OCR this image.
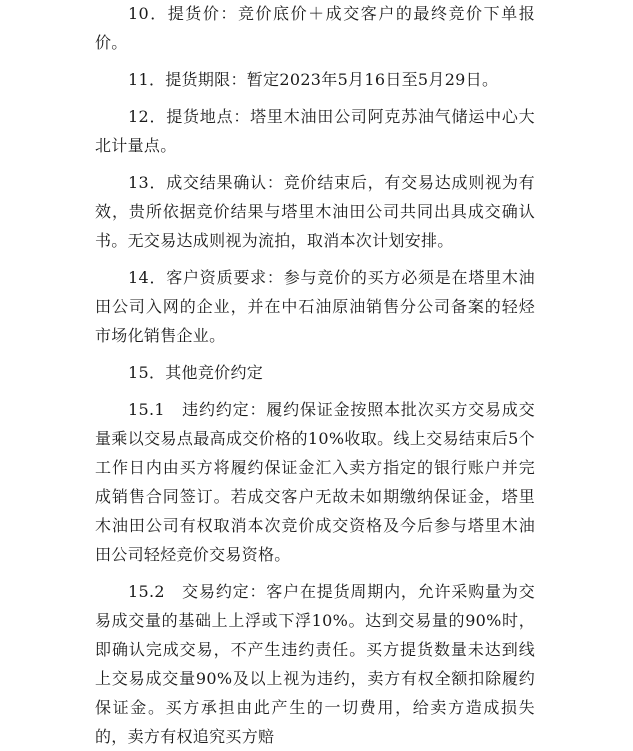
10．提货价：竞价底价＋成交客户的最终竞价下单报价。

11．提货期限：暂定2023年5月16日至5月29日。

12．提货地点：塔里木油田公司阿克苏油气储运中心大北计量点。

13．成交结果确认：竞价结束后，有交易达成则视为有效，贵所依据竞价结果与塔里木油田公司共同出具成交确认书。无交易达成则视为流拍，取消本次计划安排。

14．客户资质要求：参与竞价的买方必须是在塔里木油田公司入网的企业，并在中石油原油销售分公司备案的轻烃市场化销售企业。

15．其他竞价约定

15.1　违约约定：履约保证金按照本批次买方交易成交量乘以交易点最高成交价格的10%收取。线上交易结束后5个工作日内由买方将履约保证金汇入卖方指定的银行账户并完成销售合同签订。若成交客户无故未如期缴纳保证金，塔里木油田公司有权取消本次竞价成交资格及今后参与塔里木油田公司轻烃竞价交易资格。

15.2　交易约定：客户在提货周期内，允许采购量为交易成交量的基础上上浮或下浮10%。达到交易量的90%时，即确认完成交易，不产生违约责任。买方提货数量未达到线上交易成交量90%及以上视为违约，卖方有权全额扣除履约保证金。买方承担由此产生的一切费用，给卖方造成损失的，卖方有权追究买方赔
